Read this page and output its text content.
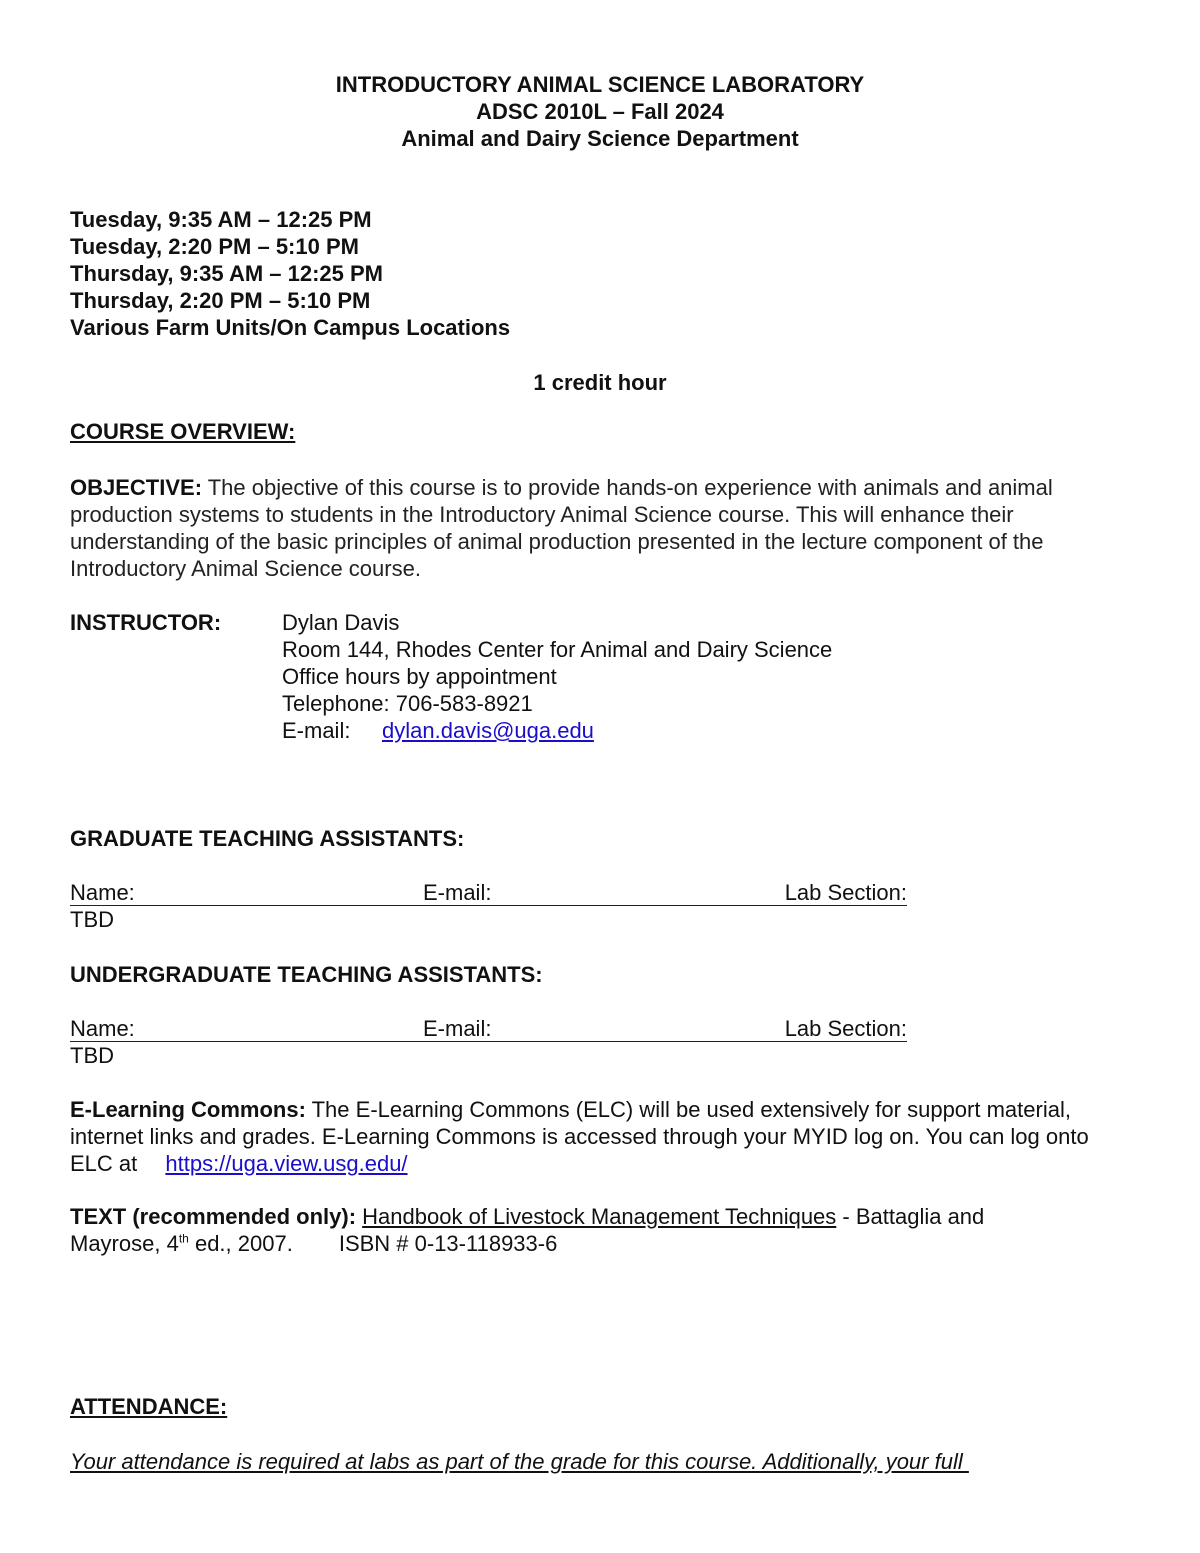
INTRODUCTORY ANIMAL SCIENCE LABORATORY
ADSC 2010L – Fall 2024
Animal and Dairy Science Department
Tuesday, 9:35 AM – 12:25 PM
Tuesday, 2:20 PM – 5:10 PM
Thursday, 9:35 AM – 12:25 PM
Thursday, 2:20 PM – 5:10 PM
Various Farm Units/On Campus Locations
1 credit hour
COURSE OVERVIEW:
OBJECTIVE: The objective of this course is to provide hands-on experience with animals and animal production systems to students in the Introductory Animal Science course. This will enhance their understanding of the basic principles of animal production presented in the lecture component of the Introductory Animal Science course.
INSTRUCTOR:	Dylan Davis
Room 144, Rhodes Center for Animal and Dairy Science
Office hours by appointment
Telephone: 706-583-8921
E-mail: dylan.davis@uga.edu
GRADUATE TEACHING ASSISTANTS:
Name:	E-mail:	Lab Section:
TBD
UNDERGRADUATE TEACHING ASSISTANTS:
Name:	E-mail:	Lab Section:
TBD
E-Learning Commons: The E-Learning Commons (ELC) will be used extensively for support material, internet links and grades. E-Learning Commons is accessed through your MYID log on. You can log onto ELC at https://uga.view.usg.edu/
TEXT (recommended only): Handbook of Livestock Management Techniques - Battaglia and Mayrose, 4th ed., 2007. ISBN # 0-13-118933-6
ATTENDANCE:
Your attendance is required at labs as part of the grade for this course. Additionally, your full
